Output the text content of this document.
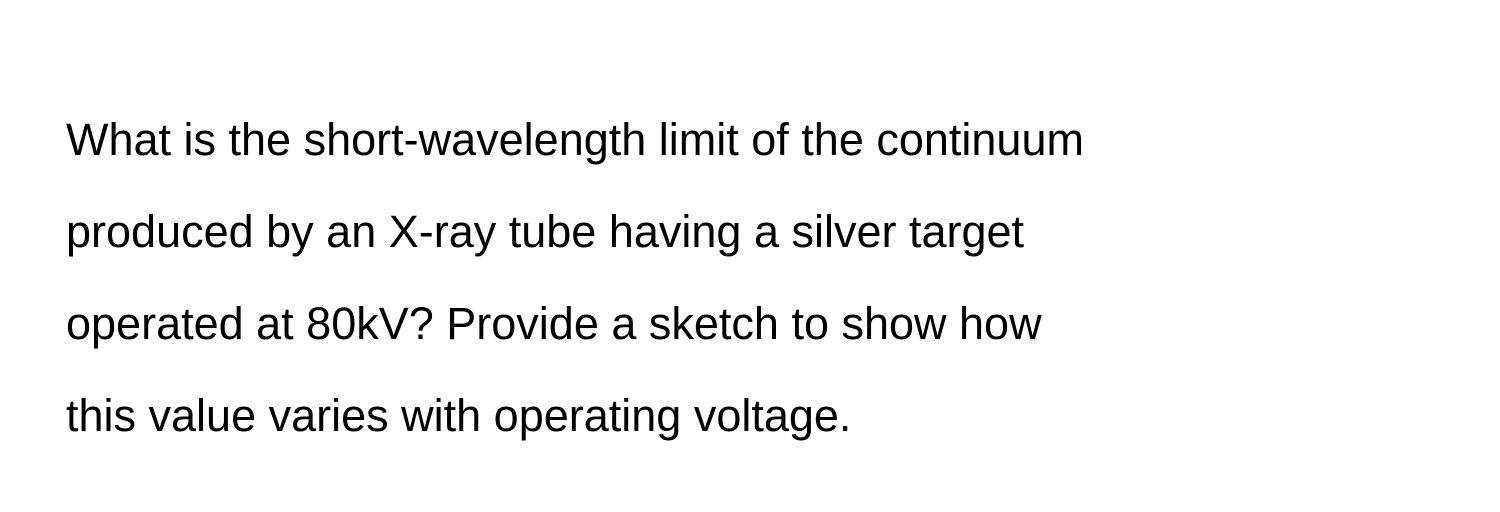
What is the short-wavelength limit of the continuum
produced by an X-ray tube having a silver target
operated at 80kV? Provide a sketch to show how
this value varies with operating voltage.
